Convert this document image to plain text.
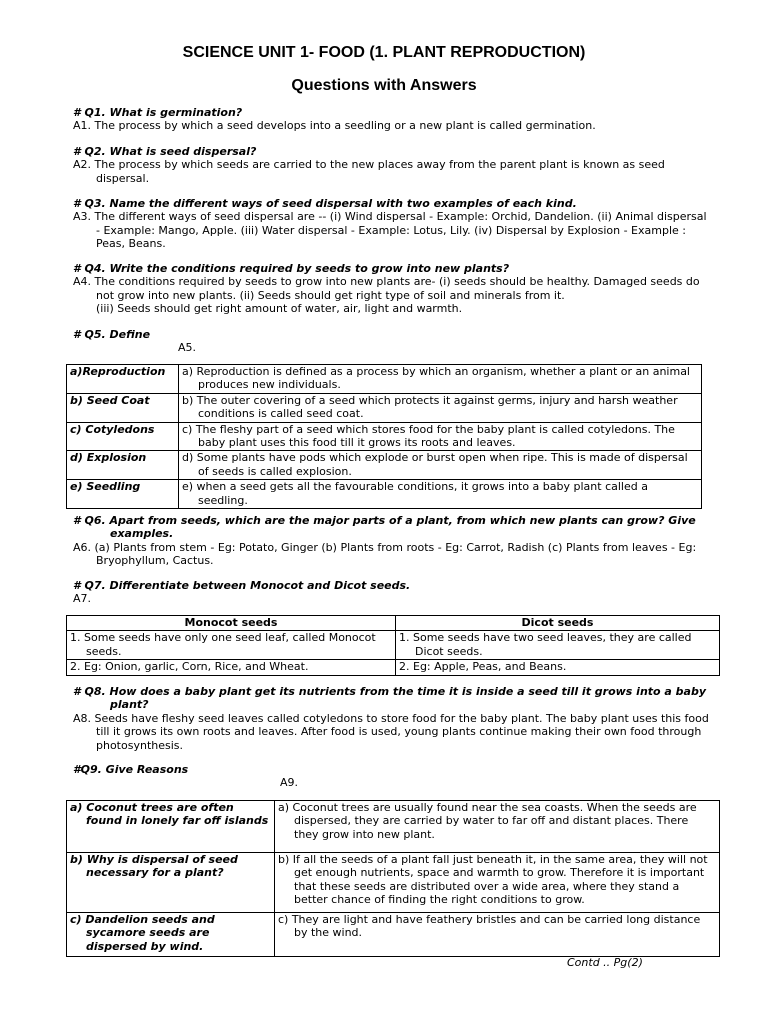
SCIENCE UNIT 1- FOOD (1. PLANT REPRODUCTION)
Questions with Answers
# Q1. What is germination?
A1. The process by which a seed develops into a seedling or a new plant is called germination.
# Q2. What is seed dispersal?
A2. The process by which seeds are carried to the new places away from the parent plant is known as seed dispersal.
# Q3. Name the different ways of seed dispersal with two examples of each kind.
A3. The different ways of seed dispersal are -- (i) Wind dispersal - Example: Orchid, Dandelion. (ii) Animal dispersal - Example: Mango, Apple. (iii) Water dispersal - Example: Lotus, Lily. (iv) Dispersal by Explosion - Example : Peas, Beans.
# Q4. Write the conditions required by seeds to grow into new plants?
A4. The conditions required by seeds to grow into new plants are- (i) seeds should be healthy. Damaged seeds do not grow into new plants. (ii) Seeds should get right type of soil and minerals from it.
(iii) Seeds should get right amount of water, air, light and warmth.
# Q5. Define
A5.
a)Reproduction	a) Reproduction is defined as a process by which an organism, whether a plant or an animal produces new individuals.
b) Seed Coat	b) The outer covering of a seed which protects it against germs, injury and harsh weather conditions is called seed coat.
c) Cotyledons	c) The fleshy part of a seed which stores food for the baby plant is called cotyledons. The baby plant uses this food till it grows its roots and leaves.
d) Explosion	d) Some plants have pods which explode or burst open when ripe. This is made of dispersal of seeds is called explosion.
e) Seedling	e) when a seed gets all the favourable conditions, it grows into a baby plant called a seedling.
# Q6. Apart from seeds, which are the major parts of a plant, from which new plants can grow? Give examples.
A6. (a) Plants from stem - Eg: Potato, Ginger (b) Plants from roots - Eg: Carrot, Radish (c) Plants from leaves - Eg: Bryophyllum, Cactus.
# Q7. Differentiate between Monocot and Dicot seeds.
A7.
Monocot seeds	Dicot seeds
1. Some seeds have only one seed leaf, called Monocot seeds.	1. Some seeds have two seed leaves, they are called Dicot seeds.
2. Eg: Onion, garlic, Corn, Rice, and Wheat.	2. Eg: Apple, Peas, and Beans.
# Q8. How does a baby plant get its nutrients from the time it is inside a seed till it grows into a baby plant?
A8. Seeds have fleshy seed leaves called cotyledons to store food for the baby plant. The baby plant uses this food till it grows its own roots and leaves. After food is used, young plants continue making their own food through photosynthesis.
#Q9. Give Reasons
A9.
a) Coconut trees are often found in lonely far off islands	a) Coconut trees are usually found near the sea coasts. When the seeds are dispersed, they are carried by water to far off and distant places. There they grow into new plant.
b) Why is dispersal of seed necessary for a plant?	b) If all the seeds of a plant fall just beneath it, in the same area, they will not get enough nutrients, space and warmth to grow. Therefore it is important that these seeds are distributed over a wide area, where they stand a better chance of finding the right conditions to grow.
c) Dandelion seeds and sycamore seeds are dispersed by wind.	c) They are light and have feathery bristles and can be carried long distance by the wind.
Contd .. Pg(2)
